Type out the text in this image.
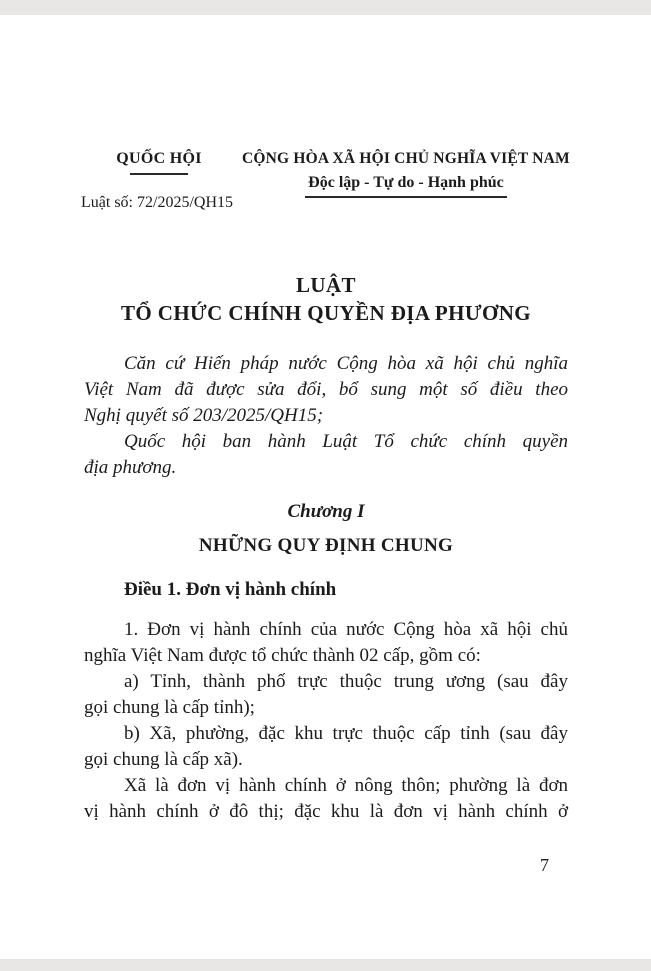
QUỐC HỘI
Luật số: 72/2025/QH15
CỘNG HÒA XÃ HỘI CHỦ NGHĨA VIỆT NAM
Độc lập - Tự do - Hạnh phúc
LUẬT
TỔ CHỨC CHÍNH QUYỀN ĐỊA PHƯƠNG
Căn cứ Hiến pháp nước Cộng hòa xã hội chủ nghĩa
Việt Nam đã được sửa đổi, bổ sung một số điều theo
Nghị quyết số 203/2025/QH15;
Quốc hội ban hành Luật Tổ chức chính quyền
địa phương.
Chương I
NHỮNG QUY ĐỊNH CHUNG
Điều 1. Đơn vị hành chính
1. Đơn vị hành chính của nước Cộng hòa xã hội chủ
nghĩa Việt Nam được tổ chức thành 02 cấp, gồm có:
a) Tỉnh, thành phố trực thuộc trung ương (sau đây
gọi chung là cấp tỉnh);
b) Xã, phường, đặc khu trực thuộc cấp tỉnh (sau đây
gọi chung là cấp xã).
Xã là đơn vị hành chính ở nông thôn; phường là đơn
vị hành chính ở đô thị; đặc khu là đơn vị hành chính ở
7
